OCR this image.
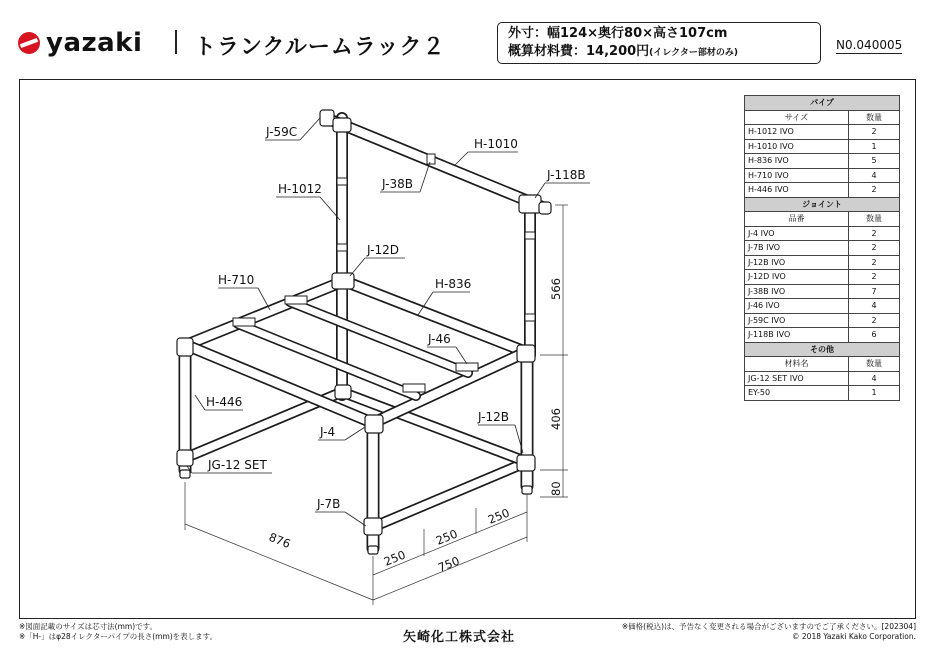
yazaki トランクルームラック２
外寸：幅124×奥行80×高さ107cm
概算材料費：14,200円(イレクター部材のみ)
N0.040005
J-59C
H-1010
J-118B
H-1012	J-38B
J-12D
H-710	H-836
J-46
H-446
J-12B
J-4
JG-12 SET
J-7B
566
406
80
876
250
250
250
750
パイプ	
サイズ	数量
H-1012 IVO	2
H-1010 IVO	1
H-836 IVO	5
H-710 IVO	4
H-446 IVO	2
ジョイント	
品番	数量
J-4 IVO	2
J-7B IVO	2
J-12B IVO	2
J-12D IVO	2
J-38B IVO	7
J-46 IVO	4
J-59C IVO	2
J-118B IVO	6
その他	
材料名	数量
JG-12 SET IVO	4
EY-50	1
※図面記載のサイズは芯寸法(mm)です。
※「H-」はφ28イレクターパイプの長さ(mm)を表します。	矢崎化工株式会社
※価格(税込)は、予告なく変更される場合がございますのでご了承ください。[202304]
© 2018 Yazaki Kako Corporation.
